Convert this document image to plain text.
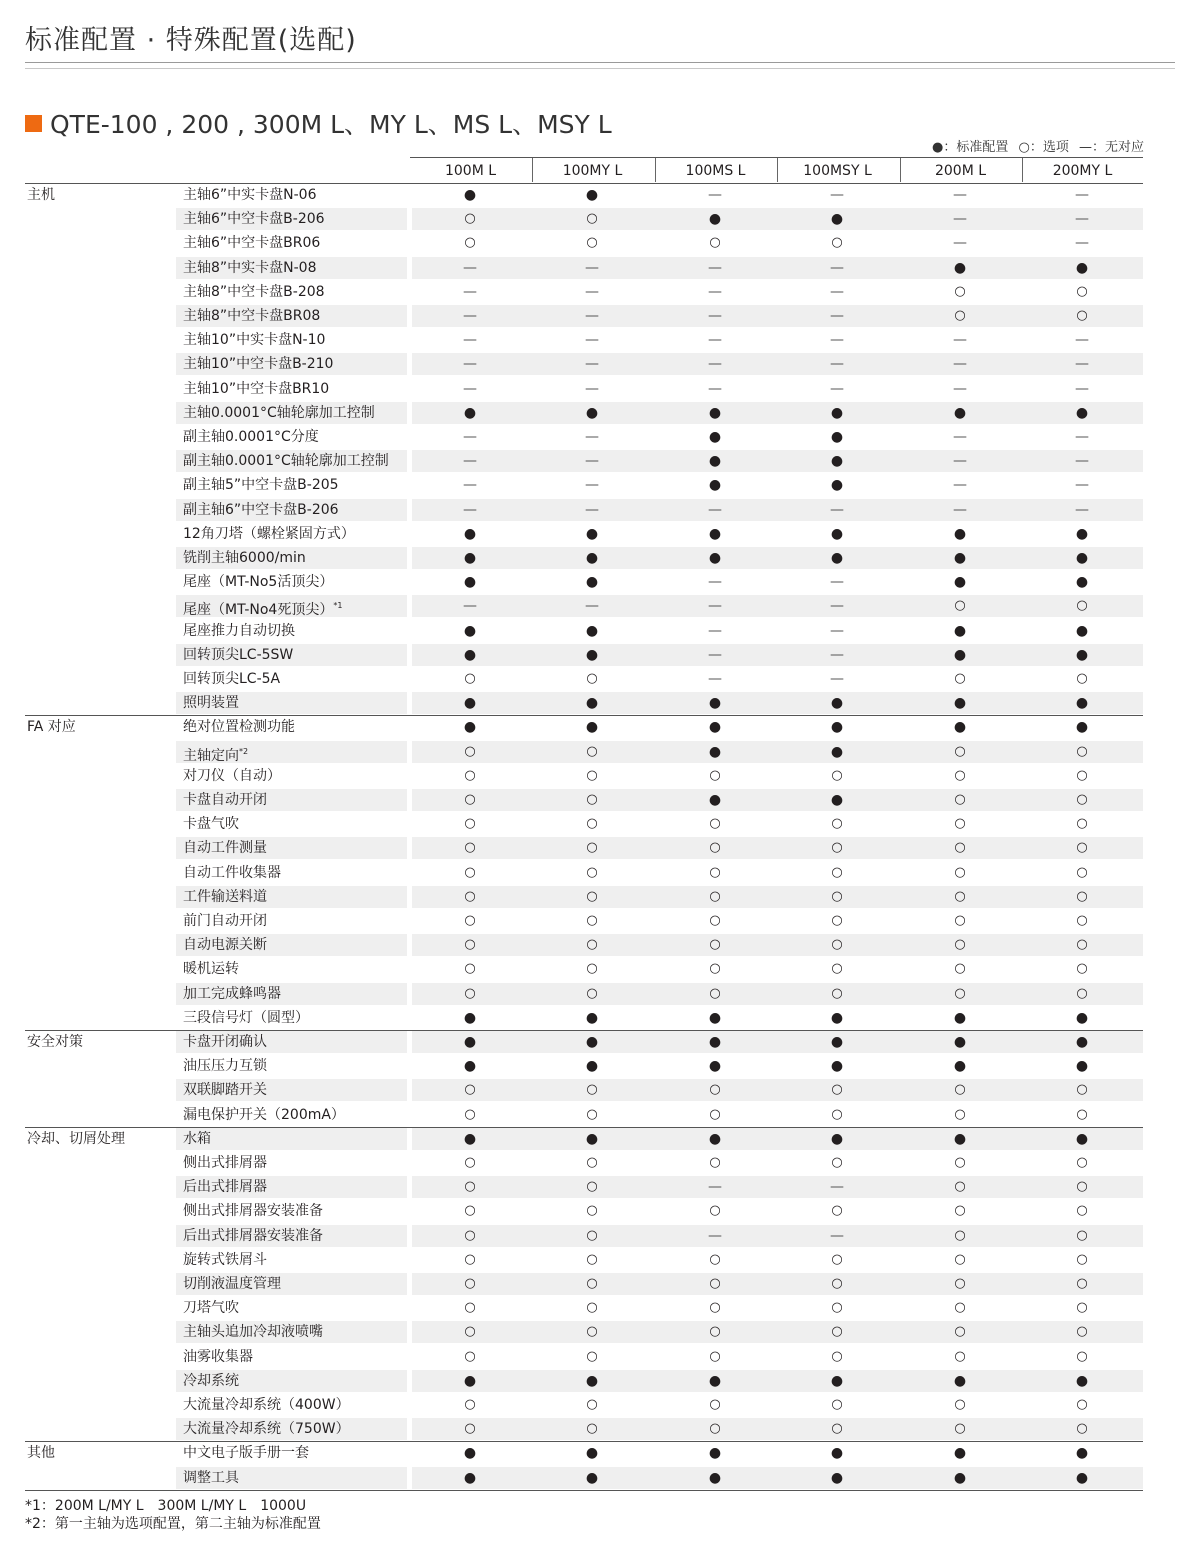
标准配置 · 特殊配置(选配)
QTE-100 , 200 , 300M L、MY L、MS L、MSY L
●：标准配置 ○：选项 —：无对应
100M L	100MY L	100MS L	100MSY L	200M L	200MY L
主机	主轴6”中实卡盘N-06	●	●	—	—	—	—
主轴6”中空卡盘B-206	○	○	●	●	—	—
主轴6”中空卡盘BR06	○	○	○	○	—	—
主轴8”中实卡盘N-08	—	—	—	—	●	●
主轴8”中空卡盘B-208	—	—	—	—	○	○
主轴8”中空卡盘BR08	—	—	—	—	○	○
主轴10”中实卡盘N-10	—	—	—	—	—	—
主轴10”中空卡盘B-210	—	—	—	—	—	—
主轴10”中空卡盘BR10	—	—	—	—	—	—
主轴0.0001°C轴轮廓加工控制	●	●	●	●	●	●
副主轴0.0001°C分度	—	—	●	●	—	—
副主轴0.0001°C轴轮廓加工控制	—	—	●	●	—	—
副主轴5”中空卡盘B-205	—	—	●	●	—	—
副主轴6”中空卡盘B-206	—	—	—	—	—	—
12角刀塔（螺栓紧固方式）	●	●	●	●	●	●
铣削主轴6000/min	●	●	●	●	●	●
尾座（MT-No5活顶尖）	●	●	—	—	●	●
尾座（MT-No4死顶尖）$^{*1}$	—	—	—	—	○	○
尾座推力自动切换	●	●	—	—	●	●
回转顶尖LC-5SW	●	●	—	—	●	●
回转顶尖LC-5A	○	○	—	—	○	○
照明装置	●	●	●	●	●	●
FA 对应	绝对位置检测功能	●	●	●	●	●	●
主轴定向$^{*2}$	○	○	●	●	○	○
对刀仪（自动）	○	○	○	○	○	○
卡盘自动开闭	○	○	●	●	○	○
卡盘气吹	○	○	○	○	○	○
自动工件测量	○	○	○	○	○	○
自动工件收集器	○	○	○	○	○	○
工件输送料道	○	○	○	○	○	○
前门自动开闭	○	○	○	○	○	○
自动电源关断	○	○	○	○	○	○
暖机运转	○	○	○	○	○	○
加工完成蜂鸣器	○	○	○	○	○	○
三段信号灯（圆型）	●	●	●	●	●	●
安全对策	卡盘开闭确认	●	●	●	●	●	●
油压压力互锁	●	●	●	●	●	●
双联脚踏开关	○	○	○	○	○	○
漏电保护开关（200mA）	○	○	○	○	○	○
冷却、切屑处理	水箱	●	●	●	●	●	●
侧出式排屑器	○	○	○	○	○	○
后出式排屑器	○	○	—	—	○	○
侧出式排屑器安装准备	○	○	○	○	○	○
后出式排屑器安装准备	○	○	—	—	○	○
旋转式铁屑斗	○	○	○	○	○	○
切削液温度管理	○	○	○	○	○	○
刀塔气吹	○	○	○	○	○	○
主轴头追加冷却液喷嘴	○	○	○	○	○	○
油雾收集器	○	○	○	○	○	○
冷却系统	●	●	●	●	●	●
大流量冷却系统（400W）	○	○	○	○	○	○
大流量冷却系统（750W）	○	○	○	○	○	○
其他	中文电子版手册一套	●	●	●	●	●	●
调整工具	●	●	●	●	●	●
*1：200M L/MY L　300M L/MY L　1000U
*2：第一主轴为选项配置，第二主轴为标准配置
